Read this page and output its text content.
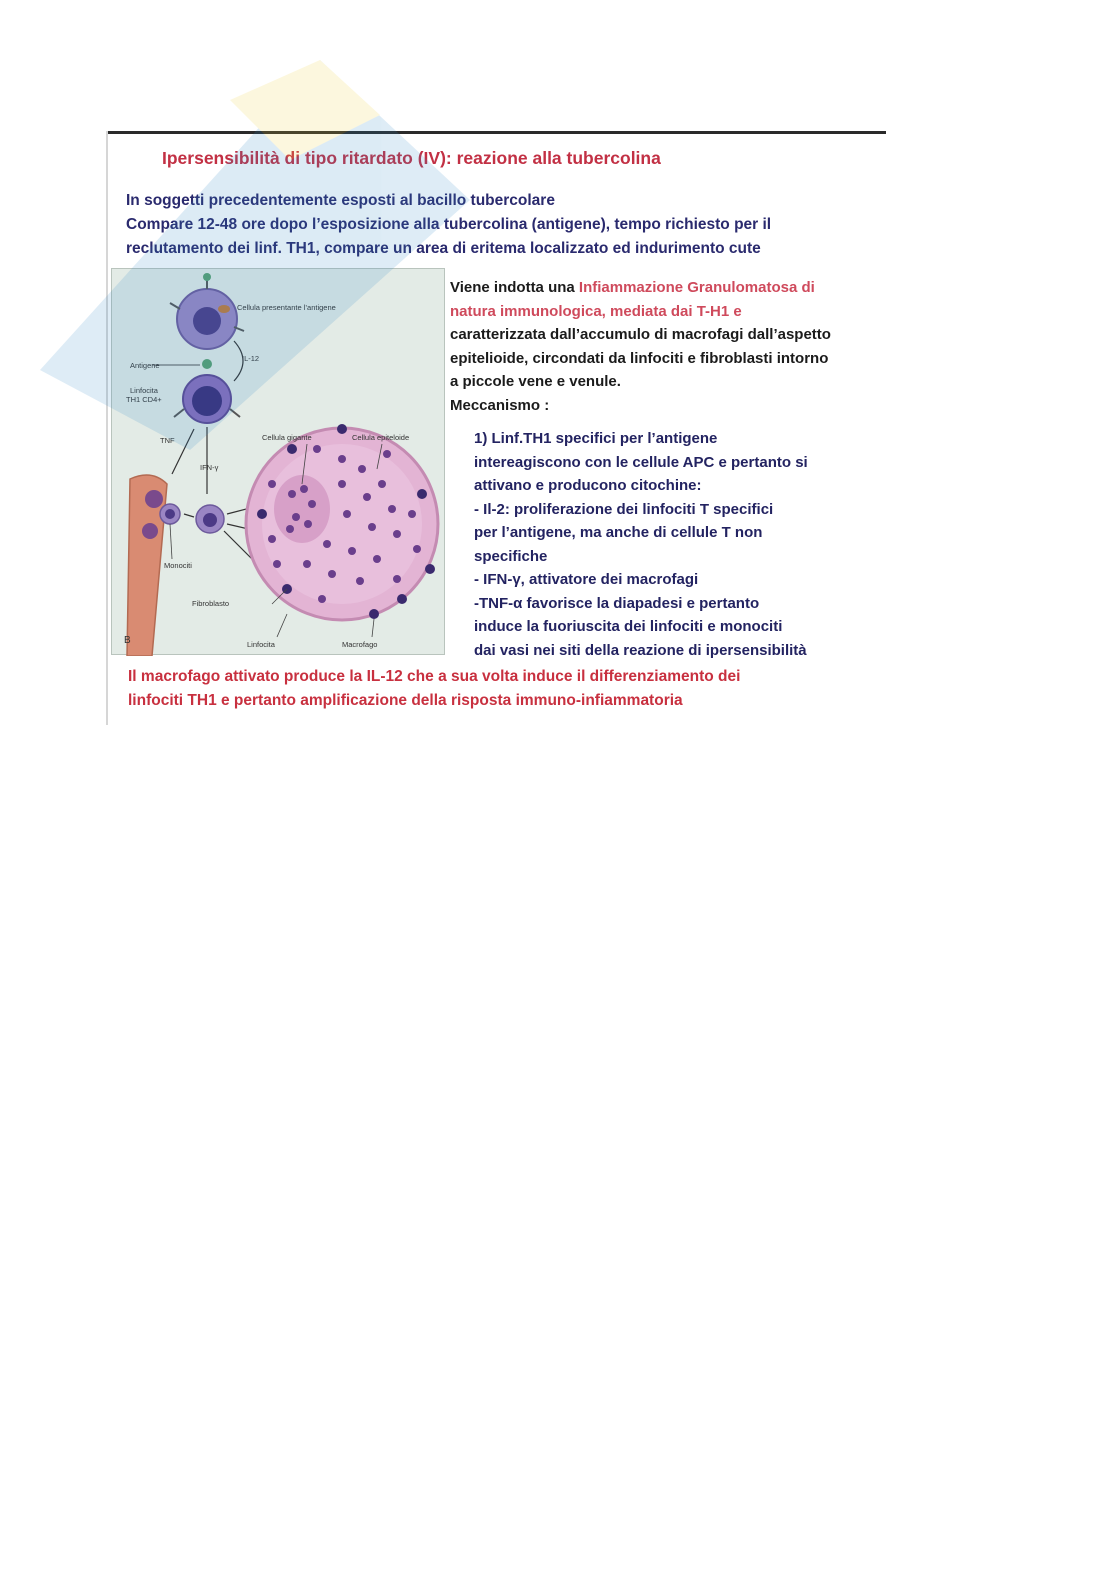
Ipersensibilità di tipo ritardato (IV): reazione alla tubercolina
In soggetti precedentemente esposti al bacillo tubercolare
Compare 12-48 ore dopo l’esposizione alla tubercolina (antigene), tempo richiesto per il
reclutamento dei linf. TH1, compare un area di eritema localizzato ed indurimento cute
Cellula presentante l’antigene
Antigene
IL-12
Linfocita
TH1 CD4+
TNF
IFN-γ
Cellula gigante	Cellula epiteloide
Monociti
Fibroblasto
Linfocita	Macrofago
B
Viene indotta una Infiammazione Granulomatosa di
natura immunologica, mediata dai T-H1 e
caratterizzata dall’accumulo di macrofagi dall’aspetto
epitelioide, circondati da linfociti e fibroblasti intorno
a piccole vene e venule.
Meccanismo :
1) Linf.TH1 specifici per l’antigene
intereagiscono con le cellule APC e pertanto si
attivano e producono citochine:
- Il-2: proliferazione dei linfociti T specifici
per l’antigene, ma anche di cellule T non
specifiche
- IFN-γ, attivatore dei macrofagi
-TNF-α favorisce la diapadesi e pertanto
induce la fuoriuscita dei linfociti e monociti
dai vasi nei siti della reazione di ipersensibilità
Il macrofago attivato produce la IL-12 che a sua volta induce il differenziamento dei
linfociti TH1 e pertanto amplificazione della risposta immuno-infiammatoria
